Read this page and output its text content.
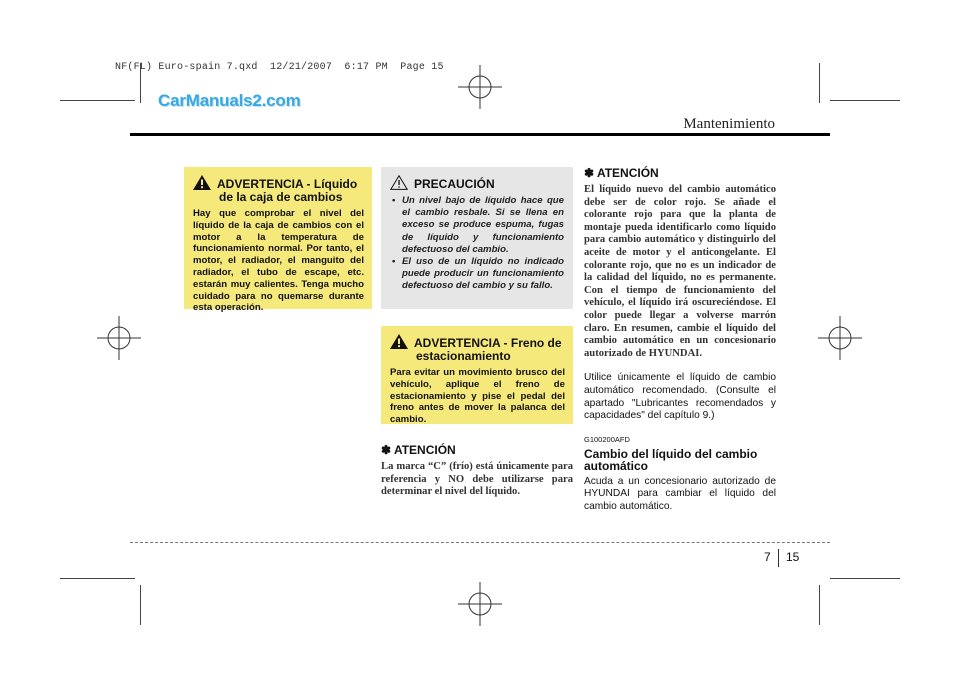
NF(FL) Euro-spain 7.qxd  12/21/2007  6:17 PM  Page 15
CarManuals2.com
Mantenimiento
ADVERTENCIA - Líquido
de la caja de cambios
Hay que comprobar el nivel del líquido de la caja de cambios con el motor a la temperatura de funcionamiento normal. Por tanto, el motor, el radiador, el manguito del radiador, el tubo de escape, etc. estarán muy calientes. Tenga mucho cuidado para no quemarse durante esta operación.
PRECAUCIÓN
• Un nivel bajo de líquido hace que el cambio resbale. Si se llena en exceso se produce espuma, fugas de líquido y funcionamiento defectuoso del cambio.
• El uso de un líquido no indicado puede producir un funcionamiento defectuoso del cambio y su fallo.
ADVERTENCIA - Freno de
estacionamiento
Para evitar un movimiento brusco del vehículo, aplique el freno de estacionamiento y pise el pedal del freno antes de mover la palanca del cambio.
✽ ATENCIÓN
La marca “C” (frío) está únicamente para referencia y NO debe utilizarse para determinar el nivel del líquido.
✽ ATENCIÓN
El líquido nuevo del cambio automático debe ser de color rojo. Se añade el colorante rojo para que la planta de montaje pueda identificarlo como líquido para cambio automático y distinguirlo del aceite de motor y el anticongelante. El colorante rojo, que no es un indicador de la calidad del líquido, no es permanente. Con el tiempo de funcionamiento del vehículo, el líquido irá oscureciéndose. El color puede llegar a volverse marrón claro. En resumen, cambie el líquido del cambio automático en un concesionario autorizado de HYUNDAI.
Utilice únicamente el líquido de cambio automático recomendado. (Consulte el apartado "Lubricantes recomendados y capacidades" del capítulo 9.)
G100200AFD
Cambio del líquido del cambio automático
Acuda a un concesionario autorizado de HYUNDAI para cambiar el líquido del cambio automático.
7 15
